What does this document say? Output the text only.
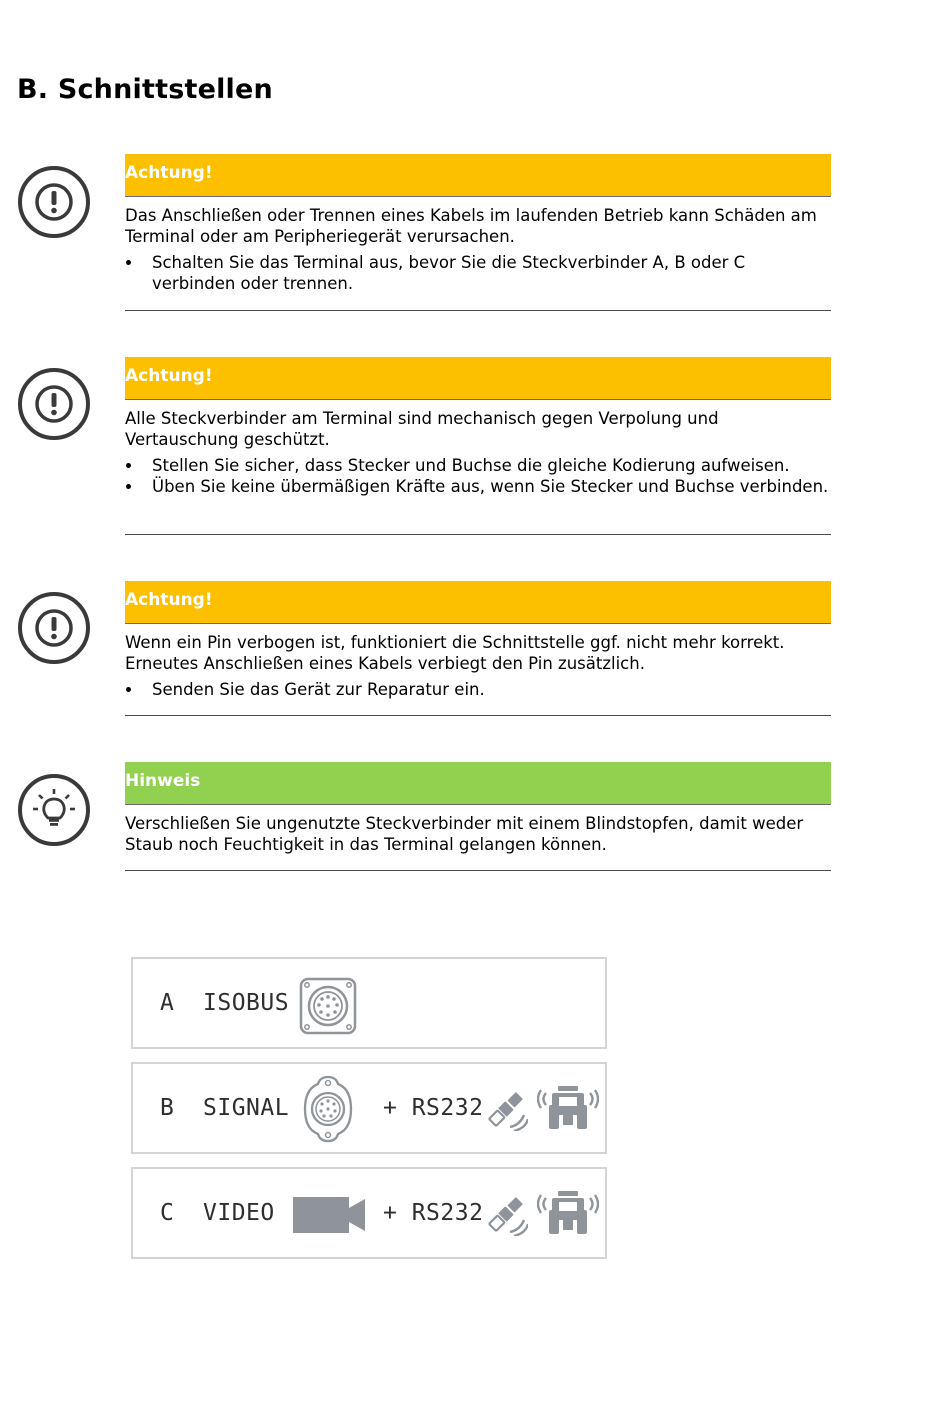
B. Schnittstellen
Achtung!

Das Anschließen oder Trennen eines Kabels im laufenden Betrieb kann Schäden am Terminal oder am Peripheriegerät verursachen.

Schalten Sie das Terminal aus, bevor Sie die Steckverbinder A, B oder C verbinden oder trennen.
Achtung!

Alle Steckverbinder am Terminal sind mechanisch gegen Verpolung und Vertauschung geschützt.

Stellen Sie sicher, dass Stecker und Buchse die gleiche Kodierung aufweisen.
Üben Sie keine übermäßigen Kräfte aus, wenn Sie Stecker und Buchse verbinden.
Achtung!

Wenn ein Pin verbogen ist, funktioniert die Schnittstelle ggf. nicht mehr korrekt. Erneutes Anschließen eines Kabels verbiegt den Pin zusätzlich.

Senden Sie das Gerät zur Reparatur ein.
Hinweis

Verschließen Sie ungenutzte Steckverbinder mit einem Blindstopfen, damit weder Staub noch Feuchtigkeit in das Terminal gelangen können.

A ISOBUS
B SIGNAL	+ RS232
C VIDEO	+ RS232
